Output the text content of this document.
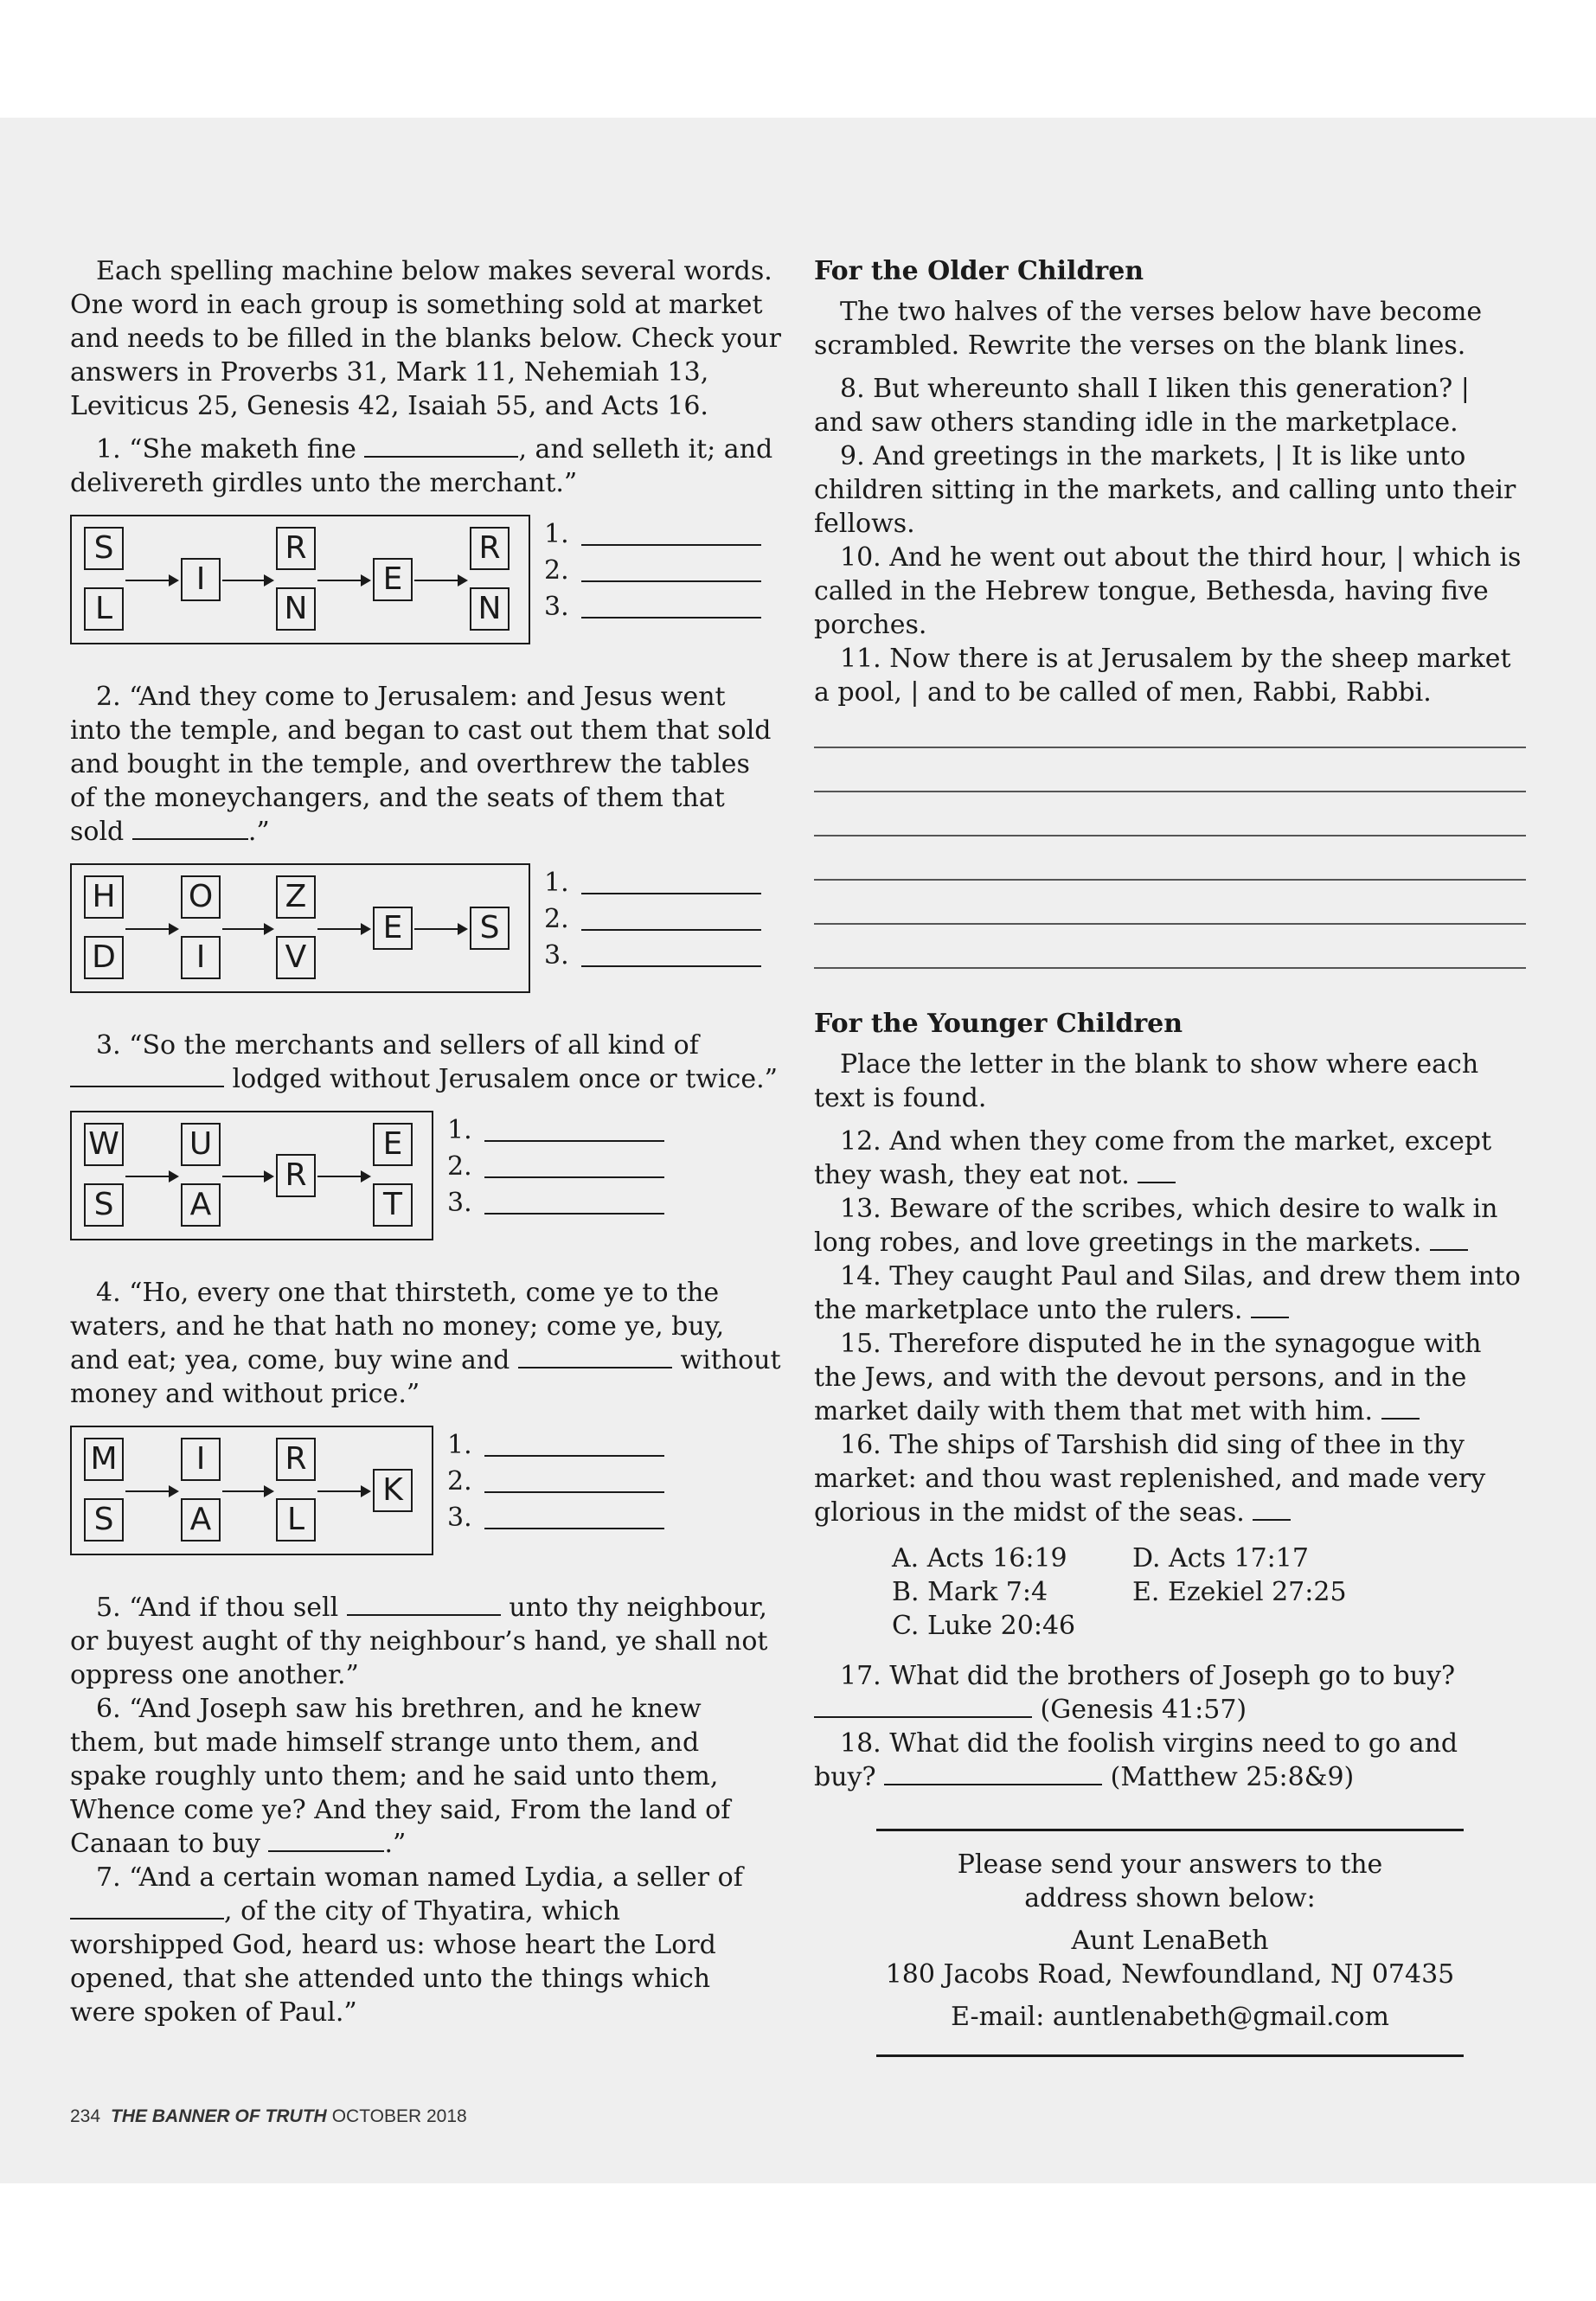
Each spelling machine below makes several words. One word in each group is something sold at market and needs to be filled in the blanks below. Check your answers in Proverbs 31, Mark 11, Nehemiah 13, Leviticus 25, Genesis 42, Isaiah 55, and Acts 16.

1. “She maketh fine	, and selleth it; and delivereth girdles unto the merchant.”

S
L
I
R
N
E
R
N
1.
2.
3.

2. “And they come to Jerusalem: and Jesus went into the temple, and began to cast out them that sold and bought in the temple, and overthrew the tables of the moneychangers, and the seats of them that sold	.”

H
D
O
I
Z
V
E	S
1.
2.
3.

3. “So the merchants and sellers of all kind of
lodged without Jerusalem once or twice.”

W
S
U
A
R
E
T
1.
2.
3.

4. “Ho, every one that thirsteth, come ye to the waters, and he that hath no money; come ye, buy, and eat; yea, come, buy wine and	without money and without price.”

M
S
I
A
R
L
K
1.
2.
3.

5. “And if thou sell	unto thy neighbour, or buyest aught of thy neighbour’s hand, ye shall not oppress one another.”

6. “And Joseph saw his brethren, and he knew them, but made himself strange unto them, and spake roughly unto them; and he said unto them, Whence come ye? And they said, From the land of Canaan to buy	.”

7. “And a certain woman named Lydia, a seller of , of the city of Thyatira, which worshipped God, heard us: whose heart the Lord opened, that she attended unto the things which were spoken of Paul.”

For the Older Children

The two halves of the verses below have become scrambled. Rewrite the verses on the blank lines.

8. But whereunto shall I liken this generation? | and saw others standing idle in the marketplace.

9. And greetings in the markets, | It is like unto children sitting in the markets, and calling unto their fellows.

10. And he went out about the third hour, | which is called in the Hebrew tongue, Bethesda, having five porches.

11. Now there is at Jerusalem by the sheep market a pool, | and to be called of men, Rabbi, Rabbi.

For the Younger Children

Place the letter in the blank to show where each text is found.

12. And when they come from the market, except they wash, they eat not.

13. Beware of the scribes, which desire to walk in long robes, and love greetings in the markets.

14. They caught Paul and Silas, and drew them into the marketplace unto the rulers.

15. Therefore disputed he in the synagogue with the Jews, and with the devout persons, and in the market daily with them that met with him.

16. The ships of Tarshish did sing of thee in thy market: and thou wast replenished, and made very glorious in the midst of the seas.

A. Acts 16:19	D. Acts 17:17
B. Mark 7:4	E. Ezekiel 27:25
C. Luke 20:46

17. What did the brothers of Joseph go to buy?
(Genesis 41:57)

18. What did the foolish virgins need to go and buy?	(Matthew 25:8&9)

Please send your answers to the

address shown below:

Aunt LenaBeth

180 Jacobs Road, Newfoundland, NJ 07435

E-mail: auntlenabeth@gmail.com

234 THE BANNER OF TRUTH OCTOBER 2018
